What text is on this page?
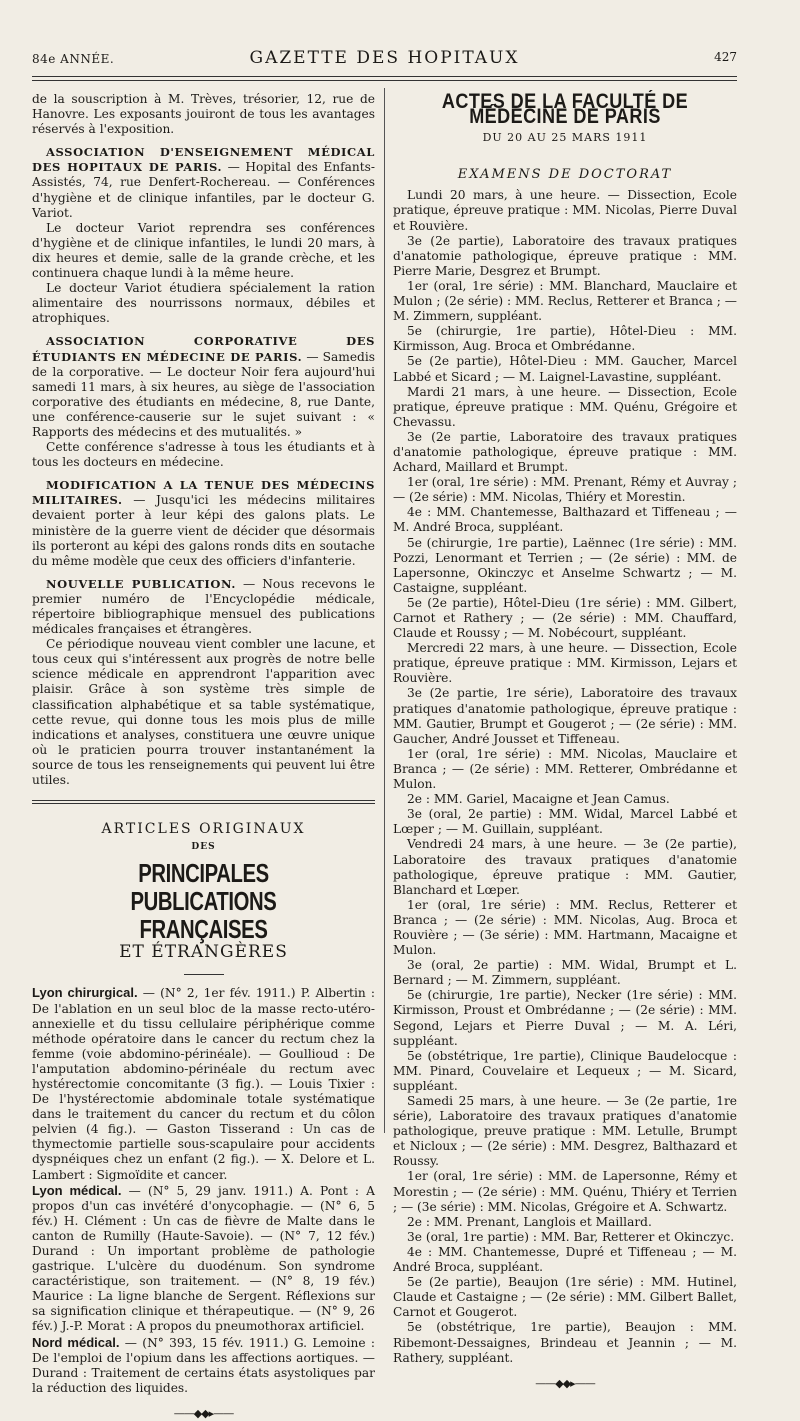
84e ANNÉE.	GAZETTE DES HOPITAUX	427

de la souscription à M. Trèves, trésorier, 12, rue de Hanovre. Les exposants jouiront de tous les avantages réservés à l'exposition.

ASSOCIATION D'ENSEIGNEMENT MÉDICAL DES HOPITAUX DE PARIS. — Hopital des Enfants-Assistés, 74, rue Denfert-Rochereau. — Conférences d'hygiène et de clinique infantiles, par le docteur G. Variot.

Le docteur Variot reprendra ses conférences d'hygiène et de clinique infantiles, le lundi 20 mars, à dix heures et demie, salle de la grande crèche, et les continuera chaque lundi à la même heure.

Le docteur Variot étudiera spécialement la ration alimentaire des nourrissons normaux, débiles et atrophiques.

ASSOCIATION CORPORATIVE DES ÉTUDIANTS EN MÉDECINE DE PARIS. — Samedis de la corporative. — Le docteur Noir fera aujourd'hui samedi 11 mars, à six heures, au siège de l'association corporative des étudiants en médecine, 8, rue Dante, une conférence-causerie sur le sujet suivant : « Rapports des médecins et des mutualités. »

Cette conférence s'adresse à tous les étudiants et à tous les docteurs en médecine.

MODIFICATION A LA TENUE DES MÉDECINS MILITAIRES. — Jusqu'ici les médecins militaires devaient porter à leur képi des galons plats. Le ministère de la guerre vient de décider que désormais ils porteront au képi des galons ronds dits en soutache du même modèle que ceux des officiers d'infanterie.

NOUVELLE PUBLICATION. — Nous recevons le premier numéro de l'Encyclopédie médicale, répertoire bibliographique mensuel des publications médicales françaises et étrangères.

Ce périodique nouveau vient combler une lacune, et tous ceux qui s'intéressent aux progrès de notre belle science médicale en apprendront l'apparition avec plaisir. Grâce à son système très simple de classification alphabétique et sa table systématique, cette revue, qui donne tous les mois plus de mille indications et analyses, constituera une œuvre unique où le praticien pourra trouver instantanément la source de tous les renseignements qui peuvent lui être utiles.

ARTICLES ORIGINAUX
DES
PRINCIPALES PUBLICATIONS FRANÇAISES
ET ÉTRANGÈRES

Lyon chirurgical. — (N° 2, 1er fév. 1911.) P. Albertin : De l'ablation en un seul bloc de la masse recto-utéro-annexielle et du tissu cellulaire périphérique comme méthode opératoire dans le cancer du rectum chez la femme (voie abdomino-périnéale). — Goullioud : De l'amputation abdomino-périnéale du rectum avec hystérectomie concomitante (3 fig.). — Louis Tixier : De l'hystérectomie abdominale totale systématique dans le traitement du cancer du rectum et du côlon pelvien (4 fig.). — Gaston Tisserand : Un cas de thymectomie partielle sous-scapulaire pour accidents dyspnéiques chez un enfant (2 fig.). — X. Delore et L. Lambert : Sigmoïdite et cancer.

Lyon médical. — (N° 5, 29 janv. 1911.) A. Pont : A propos d'un cas invétéré d'onycophagie. — (N° 6, 5 fév.) H. Clément : Un cas de fièvre de Malte dans le canton de Rumilly (Haute-Savoie). — (N° 7, 12 fév.) Durand : Un important problème de pathologie gastrique. L'ulcère du duodénum. Son syndrome caractéristique, son traitement. — (N° 8, 19 fév.) Maurice : La ligne blanche de Sergent. Réflexions sur sa signification clinique et thérapeutique. — (N° 9, 26 fév.) J.-P. Morat : A propos du pneumothorax artificiel.

Nord médical. — (N° 393, 15 fév. 1911.) G. Lemoine : De l'emploi de l'opium dans les affections aortiques. — Durand : Traitement de certains états asystoliques par la réduction des liquides.

——◆◆▸——
ACTES DE LA FACULTÉ DE MÉDECINE DE PARIS
DU 20 AU 25 MARS 1911
EXAMENS DE DOCTORAT

Lundi 20 mars, à une heure. — Dissection, Ecole pratique, épreuve pratique : MM. Nicolas, Pierre Duval et Rouvière.

3e (2e partie), Laboratoire des travaux pratiques d'anatomie pathologique, épreuve pratique : MM. Pierre Marie, Desgrez et Brumpt.

1er (oral, 1re série) : MM. Blanchard, Mauclaire et Mulon ; (2e série) : MM. Reclus, Retterer et Branca ; — M. Zimmern, suppléant.

5e (chirurgie, 1re partie), Hôtel-Dieu : MM. Kirmisson, Aug. Broca et Ombrédanne.

5e (2e partie), Hôtel-Dieu : MM. Gaucher, Marcel Labbé et Sicard ; — M. Laignel-Lavastine, suppléant.

Mardi 21 mars, à une heure. — Dissection, Ecole pratique, épreuve pratique : MM. Quénu, Grégoire et Chevassu.

3e (2e partie, Laboratoire des travaux pratiques d'anatomie pathologique, épreuve pratique : MM. Achard, Maillard et Brumpt.

1er (oral, 1re série) : MM. Prenant, Rémy et Auvray ; — (2e série) : MM. Nicolas, Thiéry et Morestin.

4e : MM. Chantemesse, Balthazard et Tiffeneau ; — M. André Broca, suppléant.

5e (chirurgie, 1re partie), Laënnec (1re série) : MM. Pozzi, Lenormant et Terrien ; — (2e série) : MM. de Lapersonne, Okinczyc et Anselme Schwartz ; — M. Castaigne, suppléant.

5e (2e partie), Hôtel-Dieu (1re série) : MM. Gilbert, Carnot et Rathery ; — (2e série) : MM. Chauffard, Claude et Roussy ; — M. Nobécourt, suppléant.

Mercredi 22 mars, à une heure. — Dissection, Ecole pratique, épreuve pratique : MM. Kirmisson, Lejars et Rouvière.

3e (2e partie, 1re série), Laboratoire des travaux pratiques d'anatomie pathologique, épreuve pratique : MM. Gautier, Brumpt et Gougerot ; — (2e série) : MM. Gaucher, André Jousset et Tiffeneau.

1er (oral, 1re série) : MM. Nicolas, Mauclaire et Branca ; — (2e série) : MM. Retterer, Ombrédanne et Mulon.

2e : MM. Gariel, Macaigne et Jean Camus.

3e (oral, 2e partie) : MM. Widal, Marcel Labbé et Lœper ; — M. Guillain, suppléant.

Vendredi 24 mars, à une heure. — 3e (2e partie), Laboratoire des travaux pratiques d'anatomie pathologique, épreuve pratique : MM. Gautier, Blanchard et Lœper.

1er (oral, 1re série) : MM. Reclus, Retterer et Branca ; — (2e série) : MM. Nicolas, Aug. Broca et Rouvière ; — (3e série) : MM. Hartmann, Macaigne et Mulon.

3e (oral, 2e partie) : MM. Widal, Brumpt et L. Bernard ; — M. Zimmern, suppléant.

5e (chirurgie, 1re partie), Necker (1re série) : MM. Kirmisson, Proust et Ombrédanne ; — (2e série) : MM. Segond, Lejars et Pierre Duval ; — M. A. Léri, suppléant.

5e (obstétrique, 1re partie), Clinique Baudelocque : MM. Pinard, Couvelaire et Lequeux ; — M. Sicard, suppléant.

Samedi 25 mars, à une heure. — 3e (2e partie, 1re série), Laboratoire des travaux pratiques d'anatomie pathologique, preuve pratique : MM. Letulle, Brumpt et Nicloux ; — (2e série) : MM. Desgrez, Balthazard et Roussy.

1er (oral, 1re série) : MM. de Lapersonne, Rémy et Morestin ; — (2e série) : MM. Quénu, Thiéry et Terrien ; — (3e série) : MM. Nicolas, Grégoire et A. Schwartz.

2e : MM. Prenant, Langlois et Maillard.

3e (oral, 1re partie) : MM. Bar, Retterer et Okinczyc.

4e : MM. Chantemesse, Dupré et Tiffeneau ; — M. André Broca, suppléant.

5e (2e partie), Beaujon (1re série) : MM. Hutinel, Claude et Castaigne ; — (2e série) : MM. Gilbert Ballet, Carnot et Gougerot.

5e (obstétrique, 1re partie), Beaujon : MM. Ribemont-Dessaignes, Brindeau et Jeannin ; — M. Rathery, suppléant.

——◆◆▸——
